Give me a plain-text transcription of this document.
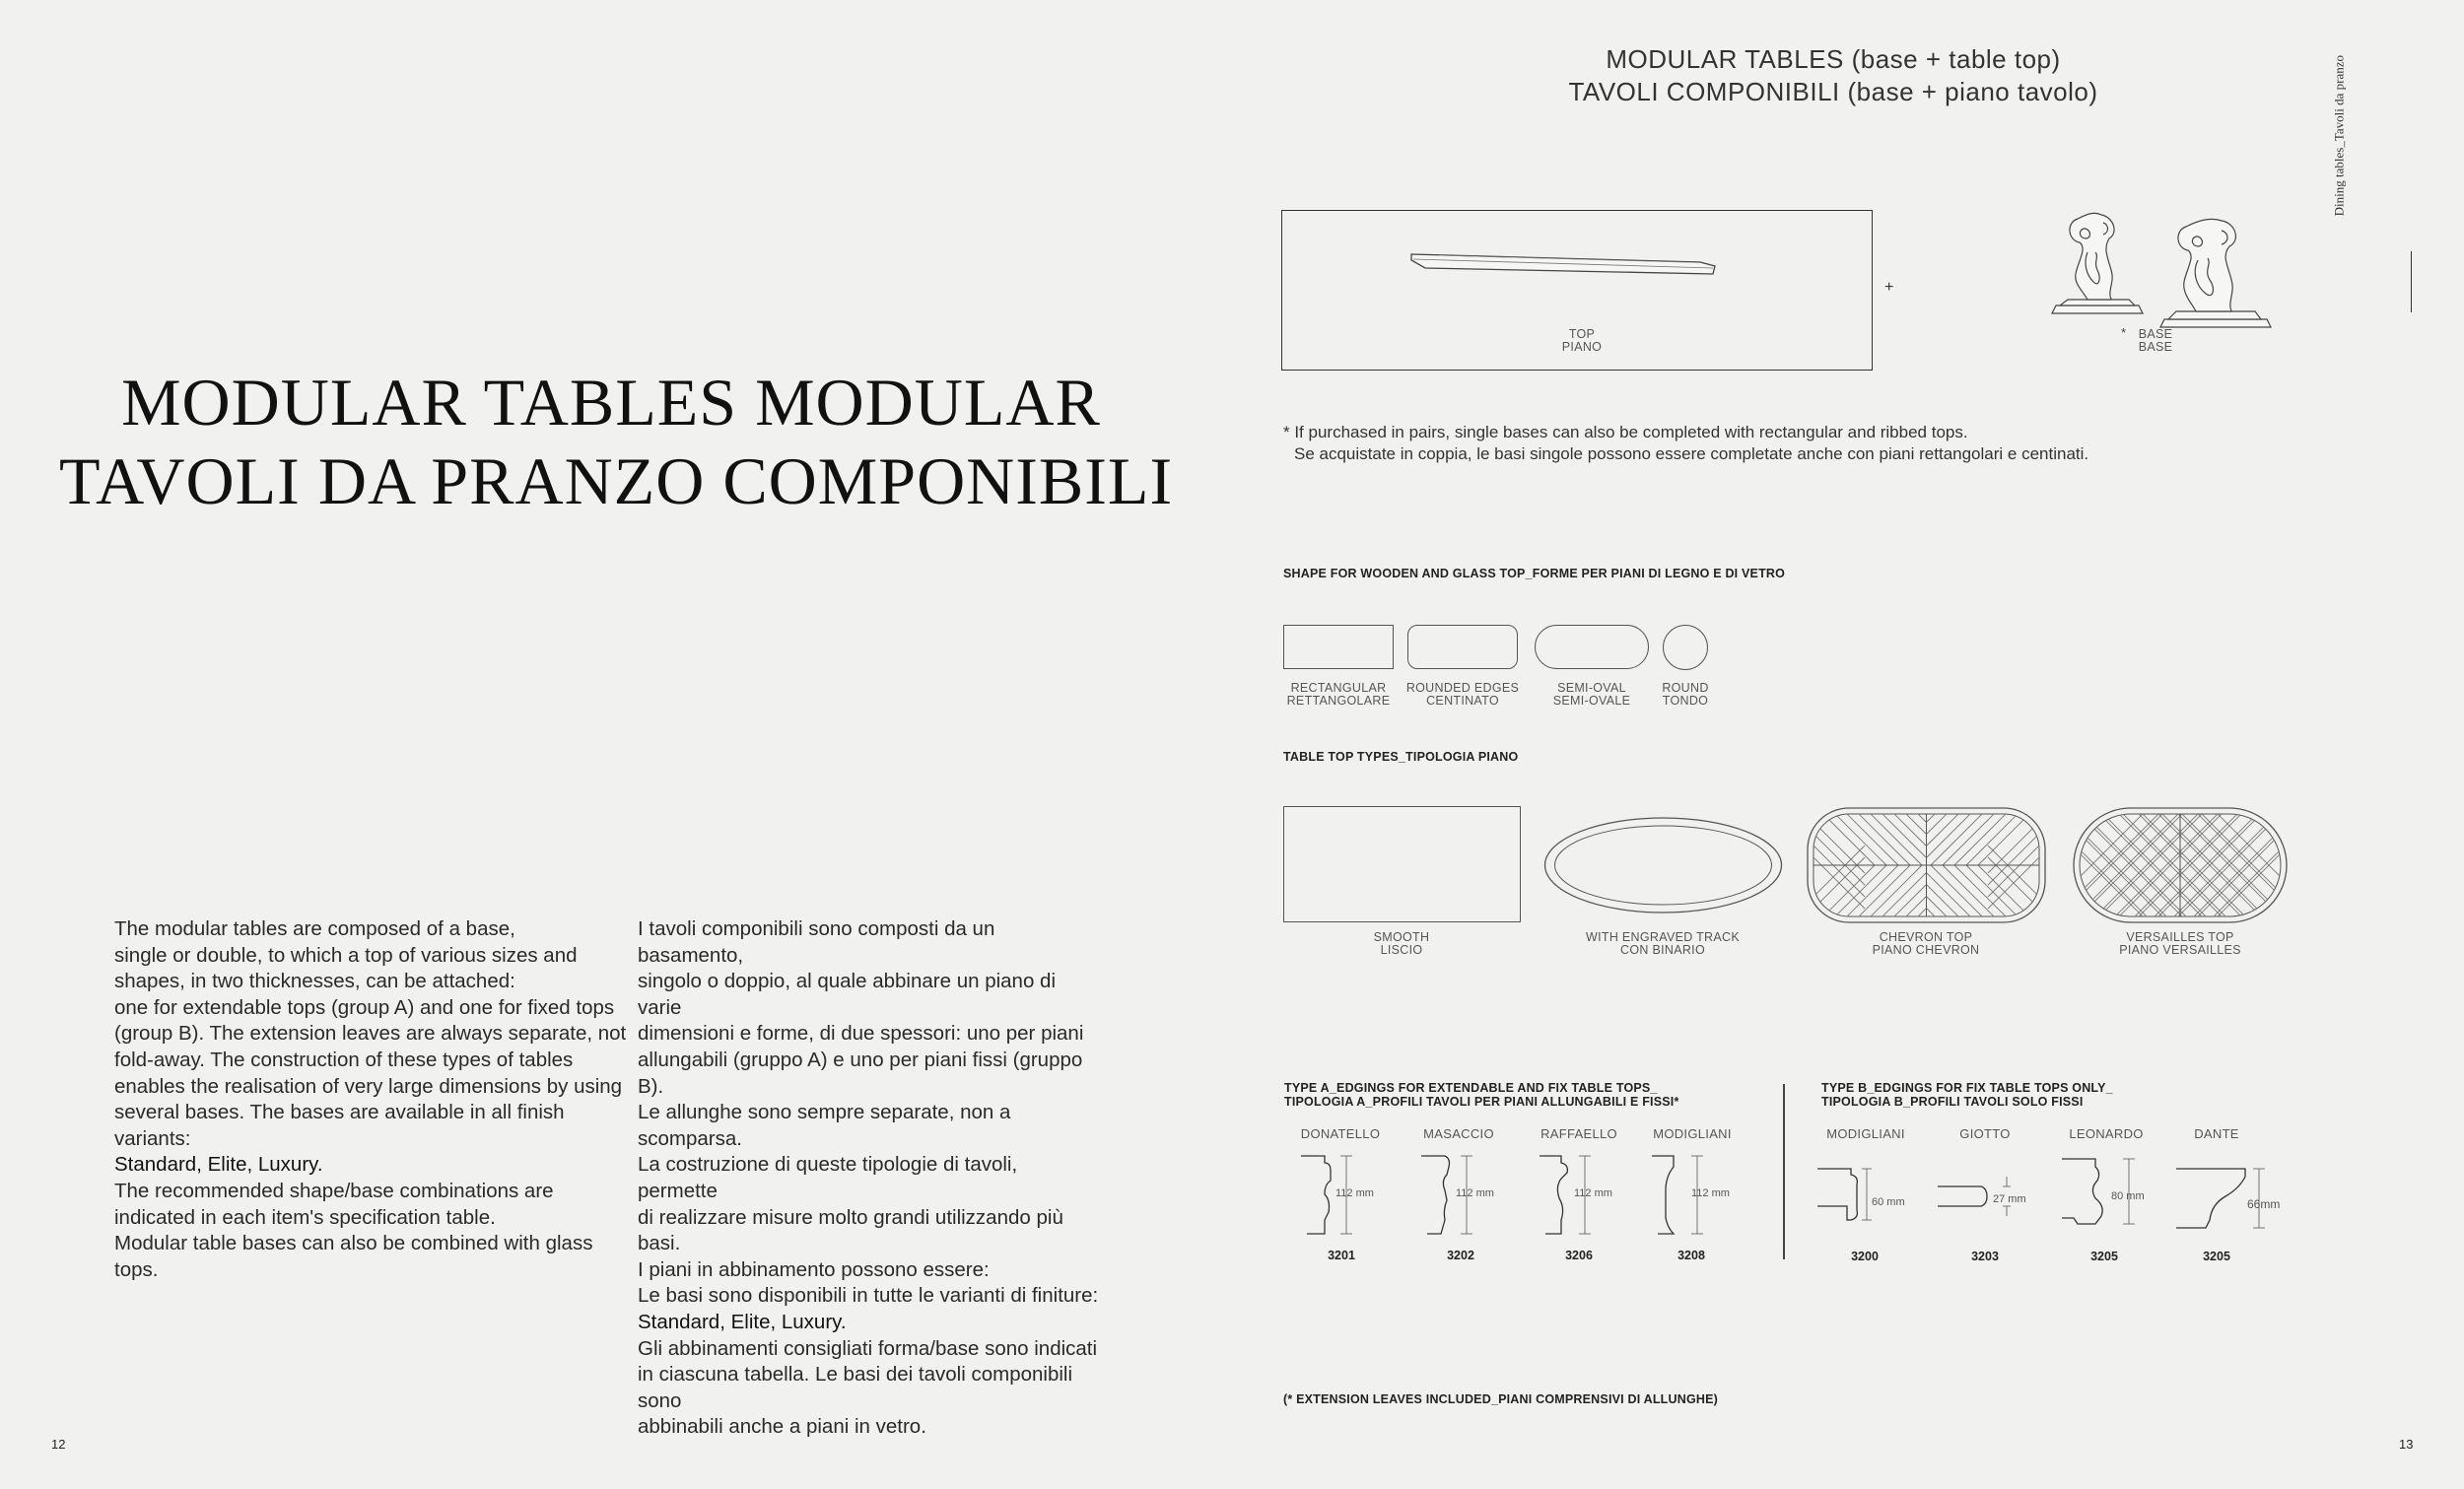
MODULAR TABLES MODULAR
TAVOLI DA PRANZO COMPONIBILI

The modular tables are composed of a base,

single or double, to which a top of various sizes and

shapes, in two thicknesses, can be attached:

one for extendable tops (group A) and one for fixed tops

(group B). The extension leaves are always separate, not

fold-away. The construction of these types of tables

enables the realisation of very large dimensions by using

several bases. The bases are available in all finish variants:

Standard, Elite, Luxury.

The recommended shape/base combinations are

indicated in each item's specification table.

Modular table bases can also be combined with glass tops.

I tavoli componibili sono composti da un basamento,

singolo o doppio, al quale abbinare un piano di varie

dimensioni e forme, di due spessori: uno per piani

allungabili (gruppo A) e uno per piani fissi (gruppo B).

Le allunghe sono sempre separate, non a scomparsa.

La costruzione di queste tipologie di tavoli, permette

di realizzare misure molto grandi utilizzando più basi.

I piani in abbinamento possono essere:

Le basi sono disponibili in tutte le varianti di finiture:

Standard, Elite, Luxury.

Gli abbinamenti consigliati forma/base sono indicati

in ciascuna tabella. Le basi dei tavoli componibili sono

abbinabili anche a piani in vetro.

12
MODULAR TABLES (base + table top)
TAVOLI COMPONIBILI (base + piano tavolo)	Dining tables_Tavoli da pranzo
TOP
PIANO
+
*	BASE
BASE
* If purchased in pairs, single bases can also be completed with rectangular and ribbed tops.
Se acquistate in coppia, le basi singole possono essere completate anche con piani rettangolari e centinati.
SHAPE FOR WOODEN AND GLASS TOP_FORME PER PIANI DI LEGNO E DI VETRO
RECTANGULAR
RETTANGOLARE
ROUNDED EDGES
CENTINATO
SEMI-OVAL
SEMI-OVALE
ROUND
TONDO
TABLE TOP TYPES_TIPOLOGIA PIANO
SMOOTH
LISCIO
WITH ENGRAVED TRACK
CON BINARIO
CHEVRON TOP
PIANO CHEVRON
VERSAILLES TOP
PIANO VERSAILLES
TYPE A_EDGINGS FOR EXTENDABLE AND FIX TABLE TOPS_
TIPOLOGIA A_PROFILI TAVOLI PER PIANI ALLUNGABILI E FISSI*
DONATELLO	MASACCIO	RAFFAELLO	MODIGLIANI
112 mm	112 mm	112 mm	112 mm
3201	3202	3206	3208
TYPE B_EDGINGS FOR FIX TABLE TOPS ONLY_
TIPOLOGIA B_PROFILI TAVOLI SOLO FISSI
MODIGLIANI	GIOTTO	LEONARDO	DANTE
60 mm	27 mm	80 mm
66mm
3200	3203	3205	3205
(* EXTENSION LEAVES INCLUDED_PIANI COMPRENSIVI DI ALLUNGHE)
13
